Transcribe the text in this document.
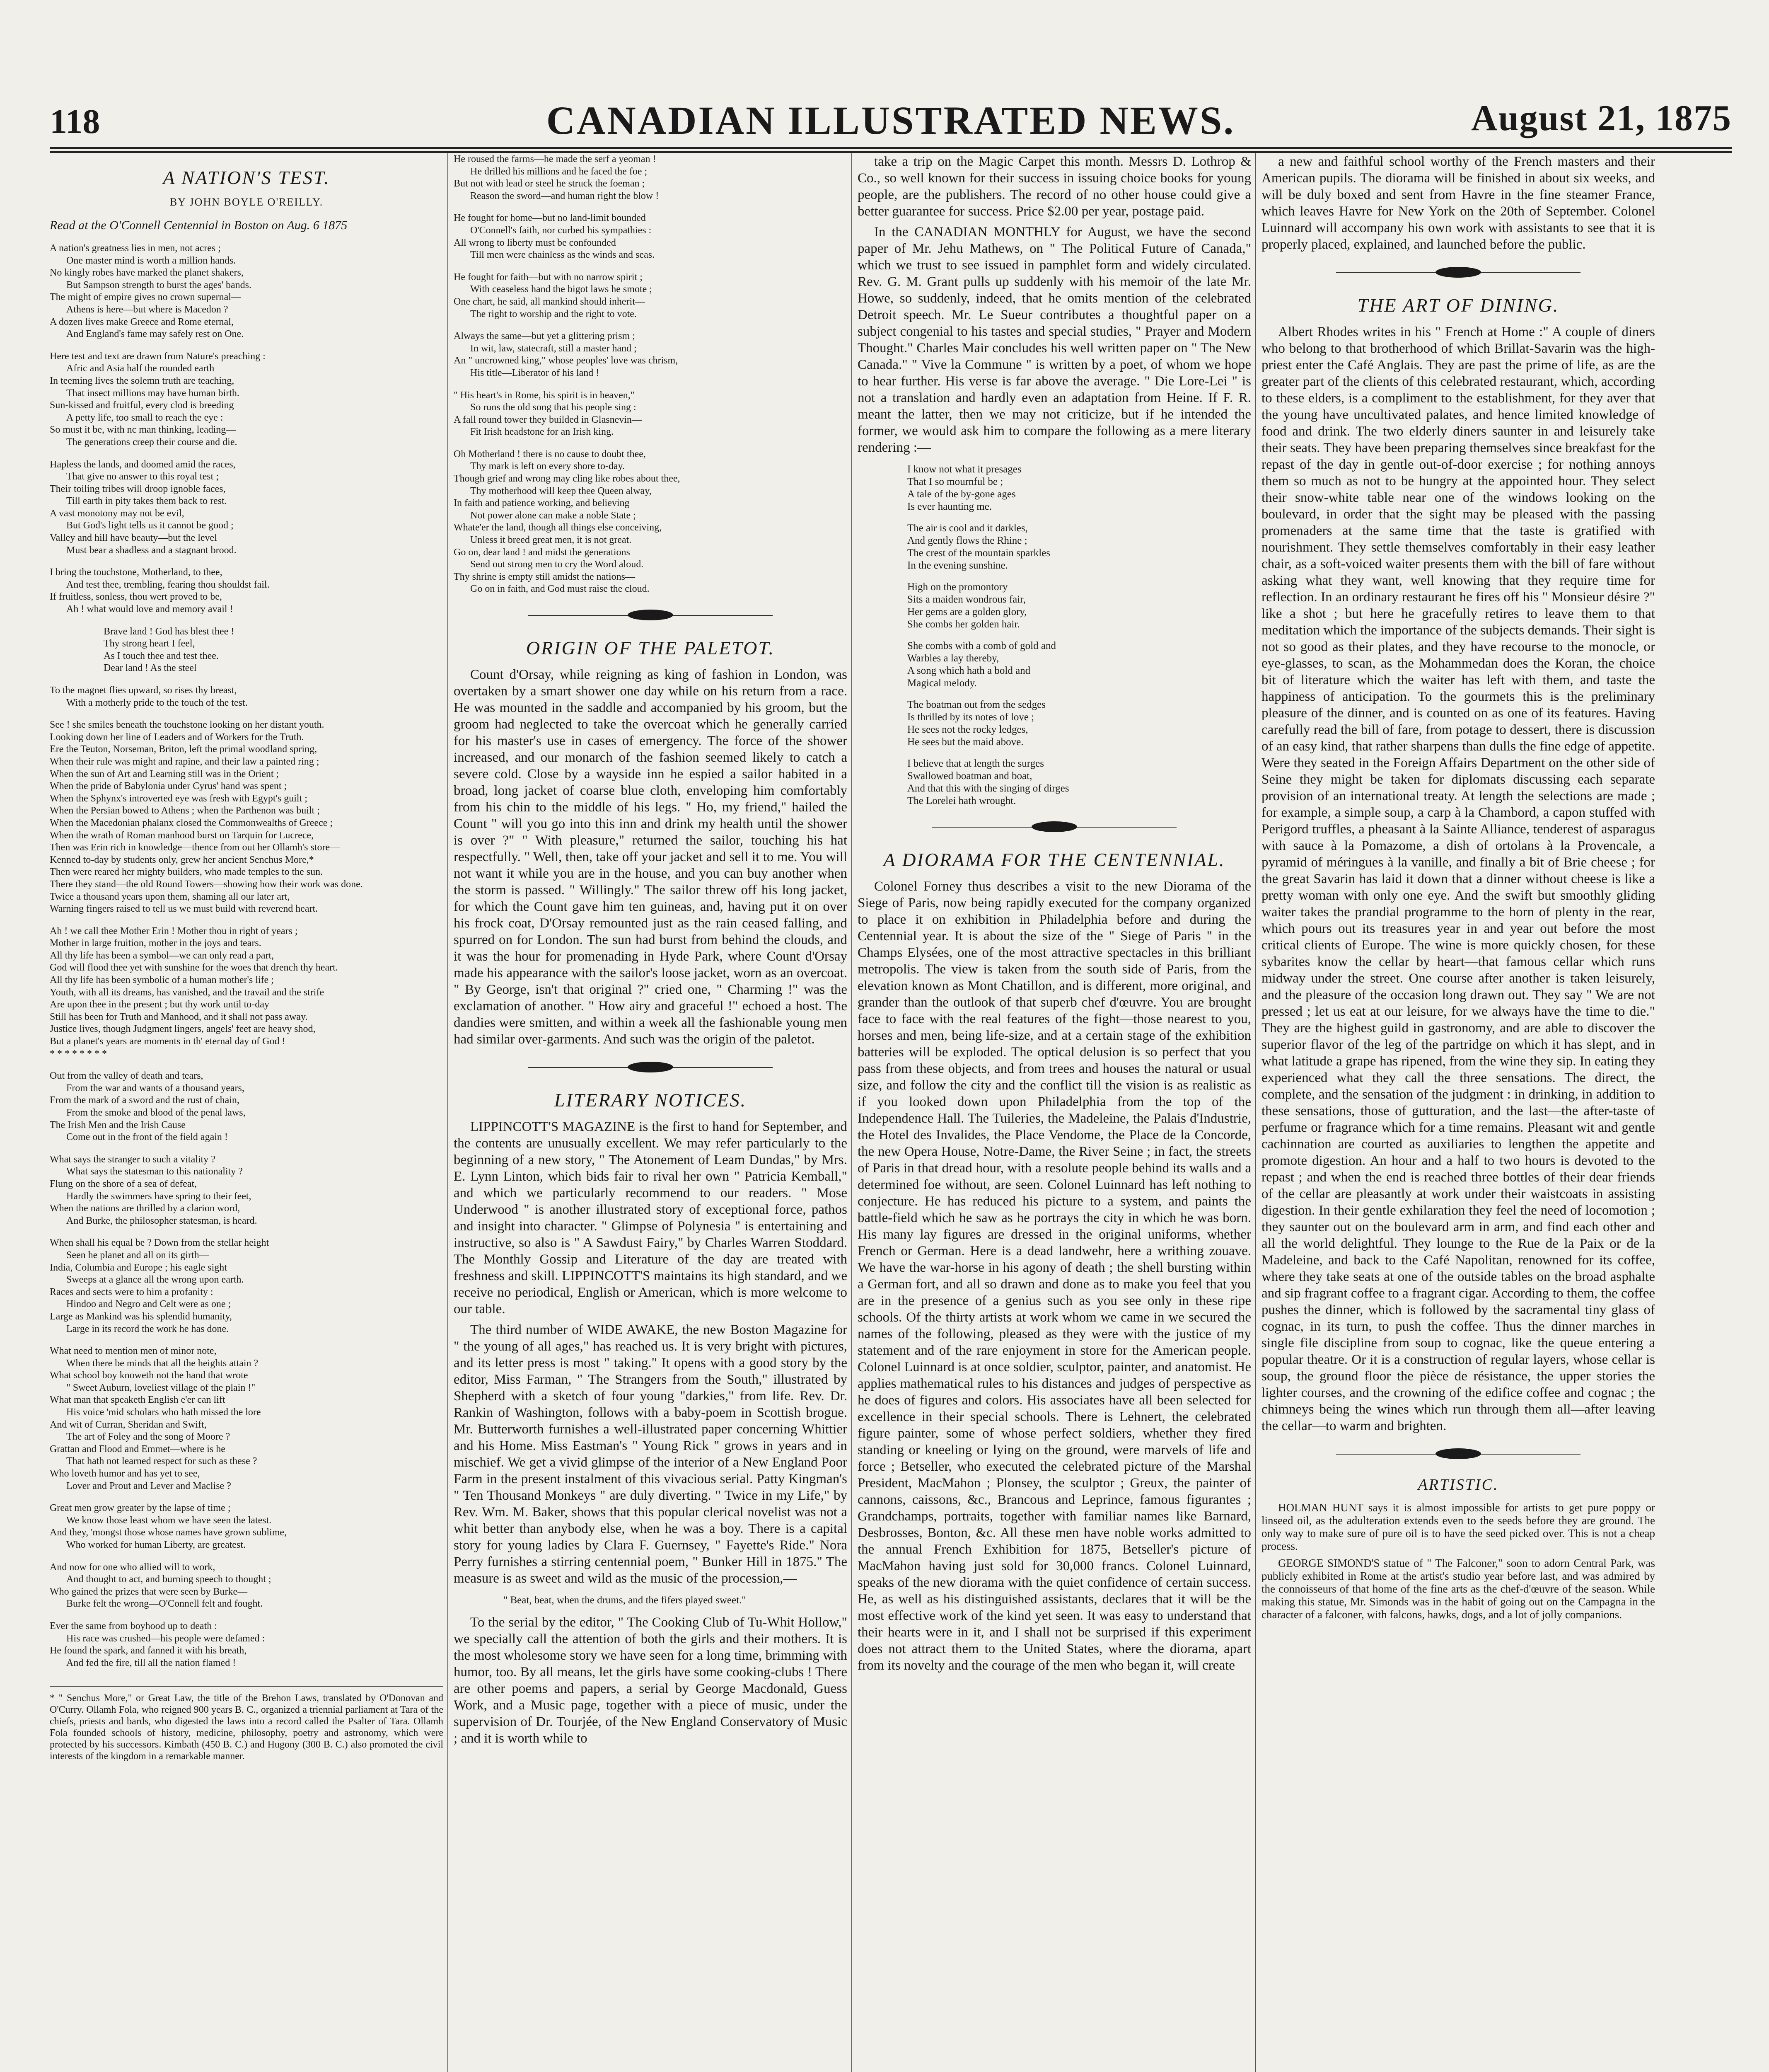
118	CANADIAN ILLUSTRATED NEWS.	August 21, 1875
A NATION'S TEST.
BY JOHN BOYLE O'REILLY.
Read at the O'Connell Centennial in Boston on Aug. 6 1875
A nation's greatness lies in men, not acres ;
One master mind is worth a million hands.
No kingly robes have marked the planet shakers,
But Sampson strength to burst the ages' bands.
The might of empire gives no crown supernal—
Athens is here—but where is Macedon ?
A dozen lives make Greece and Rome eternal,
And England's fame may safely rest on One.
Here test and text are drawn from Nature's preaching :
Afric and Asia half the rounded earth
In teeming lives the solemn truth are teaching,
That insect millions may have human birth.
Sun-kissed and fruitful, every clod is breeding
A petty life, too small to reach the eye :
So must it be, with nc man thinking, leading—
The generations creep their course and die.
Hapless the lands, and doomed amid the races,
That give no answer to this royal test ;
Their toiling tribes will droop ignoble faces,
Till earth in pity takes them back to rest.
A vast monotony may not be evil,
But God's light tells us it cannot be good ;
Valley and hill have beauty—but the level
Must bear a shadless and a stagnant brood.
I bring the touchstone, Motherland, to thee,
And test thee, trembling, fearing thou shouldst fail.
If fruitless, sonless, thou wert proved to be,
Ah ! what would love and memory avail !
Brave land ! God has blest thee !
Thy strong heart I feel,
As I touch thee and test thee.
Dear land ! As the steel
To the magnet flies upward, so rises thy breast,
With a motherly pride to the touch of the test.
See ! she smiles beneath the touchstone looking on her distant youth.
Looking down her line of Leaders and of Workers for the Truth.
Ere the Teuton, Norseman, Briton, left the primal woodland spring,
When their rule was might and rapine, and their law a painted ring ;
When the sun of Art and Learning still was in the Orient ;
When the pride of Babylonia under Cyrus' hand was spent ;
When the Sphynx's introverted eye was fresh with Egypt's guilt ;
When the Persian bowed to Athens ; when the Parthenon was built ;
When the Macedonian phalanx closed the Commonwealths of Greece ;
When the wrath of Roman manhood burst on Tarquin for Lucrece,
Then was Erin rich in knowledge—thence from out her Ollamh's store—
Kenned to-day by students only, grew her ancient Senchus More,*
Then were reared her mighty builders, who made temples to the sun.
There they stand—the old Round Towers—showing how their work was done.
Twice a thousand years upon them, shaming all our later art,
Warning fingers raised to tell us we must build with reverend heart.
Ah ! we call thee Mother Erin ! Mother thou in right of years ;
Mother in large fruition, mother in the joys and tears.
All thy life has been a symbol—we can only read a part,
God will flood thee yet with sunshine for the woes that drench thy heart.
All thy life has been symbolic of a human mother's life ;
Youth, with all its dreams, has vanished, and the travail and the strife
Are upon thee in the present ; but thy work until to-day
Still has been for Truth and Manhood, and it shall not pass away.
Justice lives, though Judgment lingers, angels' feet are heavy shod,
But a planet's years are moments in th' eternal day of God !
* * * * * * * *
Out from the valley of death and tears,
From the war and wants of a thousand years,
From the mark of a sword and the rust of chain,
From the smoke and blood of the penal laws,
The Irish Men and the Irish Cause
Come out in the front of the field again !
What says the stranger to such a vitality ?
What says the statesman to this nationality ?
Flung on the shore of a sea of defeat,
Hardly the swimmers have spring to their feet,
When the nations are thrilled by a clarion word,
And Burke, the philosopher statesman, is heard.
When shall his equal be ? Down from the stellar height
Seen he planet and all on its girth—
India, Columbia and Europe ; his eagle sight
Sweeps at a glance all the wrong upon earth.
Races and sects were to him a profanity :
Hindoo and Negro and Celt were as one ;
Large as Mankind was his splendid humanity,
Large in its record the work he has done.
What need to mention men of minor note,
When there be minds that all the heights attain ?
What school boy knoweth not the hand that wrote
" Sweet Auburn, loveliest village of the plain !"
What man that speaketh English e'er can lift
His voice 'mid scholars who hath missed the lore
And wit of Curran, Sheridan and Swift,
The art of Foley and the song of Moore ?
Grattan and Flood and Emmet—where is he
That hath not learned respect for such as these ?
Who loveth humor and has yet to see,
Lover and Prout and Lever and Maclise ?
Great men grow greater by the lapse of time ;
We know those least whom we have seen the latest.
And they, 'mongst those whose names have grown sublime,
Who worked for human Liberty, are greatest.
And now for one who allied will to work,
And thought to act, and burning speech to thought ;
Who gained the prizes that were seen by Burke—
Burke felt the wrong—O'Connell felt and fought.
Ever the same from boyhood up to death :
His race was crushed—his people were defamed :
He found the spark, and fanned it with his breath,
And fed the fire, till all the nation flamed !
* " Senchus More," or Great Law, the title of the Brehon Laws, translated by O'Donovan and O'Curry. Ollamh Fola, who reigned 900 years B. C., organized a triennial parliament at Tara of the chiefs, priests and bards, who digested the laws into a record called the Psalter of Tara. Ollamh Fola founded schools of history, medicine, philosophy, poetry and astronomy, which were protected by his successors. Kimbath (450 B. C.) and Hugony (300 B. C.) also promoted the civil interests of the kingdom in a remarkable manner.
He roused the farms—he made the serf a yeoman !
He drilled his millions and he faced the foe ;
But not with lead or steel he struck the foeman ;
Reason the sword—and human right the blow !
He fought for home—but no land-limit bounded
O'Connell's faith, nor curbed his sympathies :
All wrong to liberty must be confounded
Till men were chainless as the winds and seas.
He fought for faith—but with no narrow spirit ;
With ceaseless hand the bigot laws he smote ;
One chart, he said, all mankind should inherit—
The right to worship and the right to vote.
Always the same—but yet a glittering prism ;
In wit, law, statecraft, still a master hand ;
An " uncrowned king," whose peoples' love was chrism,
His title—Liberator of his land !
" His heart's in Rome, his spirit is in heaven,"
So runs the old song that his people sing :
A fall round tower they builded in Glasnevin—
Fit Irish headstone for an Irish king.
Oh Motherland ! there is no cause to doubt thee,
Thy mark is left on every shore to-day.
Though grief and wrong may cling like robes about thee,
Thy motherhood will keep thee Queen alway,
In faith and patience working, and believing
Not power alone can make a noble State ;
Whate'er the land, though all things else conceiving,
Unless it breed great men, it is not great.
Go on, dear land ! and midst the generations
Send out strong men to cry the Word aloud.
Thy shrine is empty still amidst the nations—
Go on in faith, and God must raise the cloud.
ORIGIN OF THE PALETOT.

Count d'Orsay, while reigning as king of fashion in London, was overtaken by a smart shower one day while on his return from a race. He was mounted in the saddle and accompanied by his groom, but the groom had neglected to take the overcoat which he generally carried for his master's use in cases of emergency. The force of the shower increased, and our monarch of the fashion seemed likely to catch a severe cold. Close by a wayside inn he espied a sailor habited in a broad, long jacket of coarse blue cloth, enveloping him comfortably from his chin to the middle of his legs. " Ho, my friend," hailed the Count " will you go into this inn and drink my health until the shower is over ?" " With pleasure," returned the sailor, touching his hat respectfully. " Well, then, take off your jacket and sell it to me. You will not want it while you are in the house, and you can buy another when the storm is passed. " Willingly." The sailor threw off his long jacket, for which the Count gave him ten guineas, and, having put it on over his frock coat, D'Orsay remounted just as the rain ceased falling, and spurred on for London. The sun had burst from behind the clouds, and it was the hour for promenading in Hyde Park, where Count d'Orsay made his appearance with the sailor's loose jacket, worn as an overcoat. " By George, isn't that original ?" cried one, " Charming !" was the exclamation of another. " How airy and graceful !" echoed a host. The dandies were smitten, and within a week all the fashionable young men had similar over-garments. And such was the origin of the paletot.

LITERARY NOTICES.

LIPPINCOTT'S MAGAZINE is the first to hand for September, and the contents are unusually excellent. We may refer particularly to the beginning of a new story, " The Atonement of Leam Dundas," by Mrs. E. Lynn Linton, which bids fair to rival her own " Patricia Kemball," and which we particularly recommend to our readers. " Mose Underwood " is another illustrated story of exceptional force, pathos and insight into character. " Glimpse of Polynesia " is entertaining and instructive, so also is " A Sawdust Fairy," by Charles Warren Stoddard. The Monthly Gossip and Literature of the day are treated with freshness and skill. LIPPINCOTT'S maintains its high standard, and we receive no periodical, English or American, which is more welcome to our table.

The third number of WIDE AWAKE, the new Boston Magazine for " the young of all ages," has reached us. It is very bright with pictures, and its letter press is most " taking." It opens with a good story by the editor, Miss Farman, " The Strangers from the South," illustrated by Shepherd with a sketch of four young "darkies," from life. Rev. Dr. Rankin of Washington, follows with a baby-poem in Scottish brogue. Mr. Butterworth furnishes a well-illustrated paper concerning Whittier and his Home. Miss Eastman's " Young Rick " grows in years and in mischief. We get a vivid glimpse of the interior of a New England Poor Farm in the present instalment of this vivacious serial. Patty Kingman's " Ten Thousand Monkeys " are duly diverting. " Twice in my Life," by Rev. Wm. M. Baker, shows that this popular clerical novelist was not a whit better than anybody else, when he was a boy. There is a capital story for young ladies by Clara F. Guernsey, " Fayette's Ride." Nora Perry furnishes a stirring centennial poem, " Bunker Hill in 1875." The measure is as sweet and wild as the music of the procession,—

" Beat, beat, when the drums, and the fifers played sweet."

To the serial by the editor, " The Cooking Club of Tu-Whit Hollow," we specially call the attention of both the girls and their mothers. It is the most wholesome story we have seen for a long time, brimming with humor, too. By all means, let the girls have some cooking-clubs ! There are other poems and papers, a serial by George Macdonald, Guess Work, and a Music page, together with a piece of music, under the supervision of Dr. Tourjée, of the New England Conservatory of Music ; and it is worth while to

take a trip on the Magic Carpet this month. Messrs D. Lothrop & Co., so well known for their success in issuing choice books for young people, are the publishers. The record of no other house could give a better guarantee for success. Price $2.00 per year, postage paid.

In the CANADIAN MONTHLY for August, we have the second paper of Mr. Jehu Mathews, on " The Political Future of Canada," which we trust to see issued in pamphlet form and widely circulated. Rev. G. M. Grant pulls up suddenly with his memoir of the late Mr. Howe, so suddenly, indeed, that he omits mention of the celebrated Detroit speech. Mr. Le Sueur contributes a thoughtful paper on a subject congenial to his tastes and special studies, " Prayer and Modern Thought." Charles Mair concludes his well written paper on " The New Canada." " Vive la Commune " is written by a poet, of whom we hope to hear further. His verse is far above the average. " Die Lore-Lei " is not a translation and hardly even an adaptation from Heine. If F. R. meant the latter, then we may not criticize, but if he intended the former, we would ask him to compare the following as a mere literary rendering :—

I know not what it presages
That I so mournful be ;
A tale of the by-gone ages
Is ever haunting me.
The air is cool and it darkles,
And gently flows the Rhine ;
The crest of the mountain sparkles
In the evening sunshine.
High on the promontory
Sits a maiden wondrous fair,
Her gems are a golden glory,
She combs her golden hair.
She combs with a comb of gold and
Warbles a lay thereby,
A song which hath a bold and
Magical melody.
The boatman out from the sedges
Is thrilled by its notes of love ;
He sees not the rocky ledges,
He sees but the maid above.
I believe that at length the surges
Swallowed boatman and boat,
And that this with the singing of dirges
The Lorelei hath wrought.
A DIORAMA FOR THE CENTENNIAL.

Colonel Forney thus describes a visit to the new Diorama of the Siege of Paris, now being rapidly executed for the company organized to place it on exhibition in Philadelphia before and during the Centennial year. It is about the size of the " Siege of Paris " in the Champs Elysées, one of the most attractive spectacles in this brilliant metropolis. The view is taken from the south side of Paris, from the elevation known as Mont Chatillon, and is different, more original, and grander than the outlook of that superb chef d'œuvre. You are brought face to face with the real features of the fight—those nearest to you, horses and men, being life-size, and at a certain stage of the exhibition batteries will be exploded. The optical delusion is so perfect that you pass from these objects, and from trees and houses the natural or usual size, and follow the city and the conflict till the vision is as realistic as if you looked down upon Philadelphia from the top of the Independence Hall. The Tuileries, the Madeleine, the Palais d'Industrie, the Hotel des Invalides, the Place Vendome, the Place de la Concorde, the new Opera House, Notre-Dame, the River Seine ; in fact, the streets of Paris in that dread hour, with a resolute people behind its walls and a determined foe without, are seen. Colonel Luinnard has left nothing to conjecture. He has reduced his picture to a system, and paints the battle-field which he saw as he portrays the city in which he was born. His many lay figures are dressed in the original uniforms, whether French or German. Here is a dead landwehr, here a writhing zouave. We have the war-horse in his agony of death ; the shell bursting within a German fort, and all so drawn and done as to make you feel that you are in the presence of a genius such as you see only in these ripe schools. Of the thirty artists at work whom we came in we secured the names of the following, pleased as they were with the justice of my statement and of the rare enjoyment in store for the American people. Colonel Luinnard is at once soldier, sculptor, painter, and anatomist. He applies mathematical rules to his distances and judges of perspective as he does of figures and colors. His associates have all been selected for excellence in their special schools. There is Lehnert, the celebrated figure painter, some of whose perfect soldiers, whether they fired standing or kneeling or lying on the ground, were marvels of life and force ; Betseller, who executed the celebrated picture of the Marshal President, MacMahon ; Plonsey, the sculptor ; Greux, the painter of cannons, caissons, &c., Brancous and Leprince, famous figurantes ; Grandchamps, portraits, together with familiar names like Barnard, Desbrosses, Bonton, &c. All these men have noble works admitted to the annual French Exhibition for 1875, Betseller's picture of MacMahon having just sold for 30,000 francs. Colonel Luinnard, speaks of the new diorama with the quiet confidence of certain success. He, as well as his distinguished assistants, declares that it will be the most effective work of the kind yet seen. It was easy to understand that their hearts were in it, and I shall not be surprised if this experiment does not attract them to the United States, where the diorama, apart from its novelty and the courage of the men who began it, will create

a new and faithful school worthy of the French masters and their American pupils. The diorama will be finished in about six weeks, and will be duly boxed and sent from Havre in the fine steamer France, which leaves Havre for New York on the 20th of September. Colonel Luinnard will accompany his own work with assistants to see that it is properly placed, explained, and launched before the public.

THE ART OF DINING.

Albert Rhodes writes in his " French at Home :" A couple of diners who belong to that brotherhood of which Brillat-Savarin was the high-priest enter the Café Anglais. They are past the prime of life, as are the greater part of the clients of this celebrated restaurant, which, according to these elders, is a compliment to the establishment, for they aver that the young have uncultivated palates, and hence limited knowledge of food and drink. The two elderly diners saunter in and leisurely take their seats. They have been preparing themselves since breakfast for the repast of the day in gentle out-of-door exercise ; for nothing annoys them so much as not to be hungry at the appointed hour. They select their snow-white table near one of the windows looking on the boulevard, in order that the sight may be pleased with the passing promenaders at the same time that the taste is gratified with nourishment. They settle themselves comfortably in their easy leather chair, as a soft-voiced waiter presents them with the bill of fare without asking what they want, well knowing that they require time for reflection. In an ordinary restaurant he fires off his " Monsieur désire ?" like a shot ; but here he gracefully retires to leave them to that meditation which the importance of the subjects demands. Their sight is not so good as their plates, and they have recourse to the monocle, or eye-glasses, to scan, as the Mohammedan does the Koran, the choice bit of literature which the waiter has left with them, and taste the happiness of anticipation. To the gourmets this is the preliminary pleasure of the dinner, and is counted on as one of its features. Having carefully read the bill of fare, from potage to dessert, there is discussion of an easy kind, that rather sharpens than dulls the fine edge of appetite. Were they seated in the Foreign Affairs Department on the other side of Seine they might be taken for diplomats discussing each separate provision of an international treaty. At length the selections are made ; for example, a simple soup, a carp à la Chambord, a capon stuffed with Perigord truffles, a pheasant à la Sainte Alliance, tenderest of asparagus with sauce à la Pomazome, a dish of ortolans à la Provencale, a pyramid of méringues à la vanille, and finally a bit of Brie cheese ; for the great Savarin has laid it down that a dinner without cheese is like a pretty woman with only one eye. And the swift but smoothly gliding waiter takes the prandial programme to the horn of plenty in the rear, which pours out its treasures year in and year out before the most critical clients of Europe. The wine is more quickly chosen, for these sybarites know the cellar by heart—that famous cellar which runs midway under the street. One course after another is taken leisurely, and the pleasure of the occasion long drawn out. They say " We are not pressed ; let us eat at our leisure, for we always have the time to die." They are the highest guild in gastronomy, and are able to discover the superior flavor of the leg of the partridge on which it has slept, and in what latitude a grape has ripened, from the wine they sip. In eating they experienced what they call the three sensations. The direct, the complete, and the sensation of the judgment : in drinking, in addition to these sensations, those of gutturation, and the last—the after-taste of perfume or fragrance which for a time remains. Pleasant wit and gentle cachinnation are courted as auxiliaries to lengthen the appetite and promote digestion. An hour and a half to two hours is devoted to the repast ; and when the end is reached three bottles of their dear friends of the cellar are pleasantly at work under their waistcoats in assisting digestion. In their gentle exhilaration they feel the need of locomotion ; they saunter out on the boulevard arm in arm, and find each other and all the world delightful. They lounge to the Rue de la Paix or de la Madeleine, and back to the Café Napolitan, renowned for its coffee, where they take seats at one of the outside tables on the broad asphalte and sip fragrant coffee to a fragrant cigar. According to them, the coffee pushes the dinner, which is followed by the sacramental tiny glass of cognac, in its turn, to push the coffee. Thus the dinner marches in single file discipline from soup to cognac, like the queue entering a popular theatre. Or it is a construction of regular layers, whose cellar is soup, the ground floor the pièce de résistance, the upper stories the lighter courses, and the crowning of the edifice coffee and cognac ; the chimneys being the wines which run through them all—after leaving the cellar—to warm and brighten.

ARTISTIC.

HOLMAN HUNT says it is almost impossible for artists to get pure poppy or linseed oil, as the adulteration extends even to the seeds before they are ground. The only way to make sure of pure oil is to have the seed picked over. This is not a cheap process.

GEORGE SIMOND'S statue of " The Falconer," soon to adorn Central Park, was publicly exhibited in Rome at the artist's studio year before last, and was admired by the connoisseurs of that home of the fine arts as the chef-d'œuvre of the season. While making this statue, Mr. Simonds was in the habit of going out on the Campagna in the character of a falconer, with falcons, hawks, dogs, and a lot of jolly companions.
